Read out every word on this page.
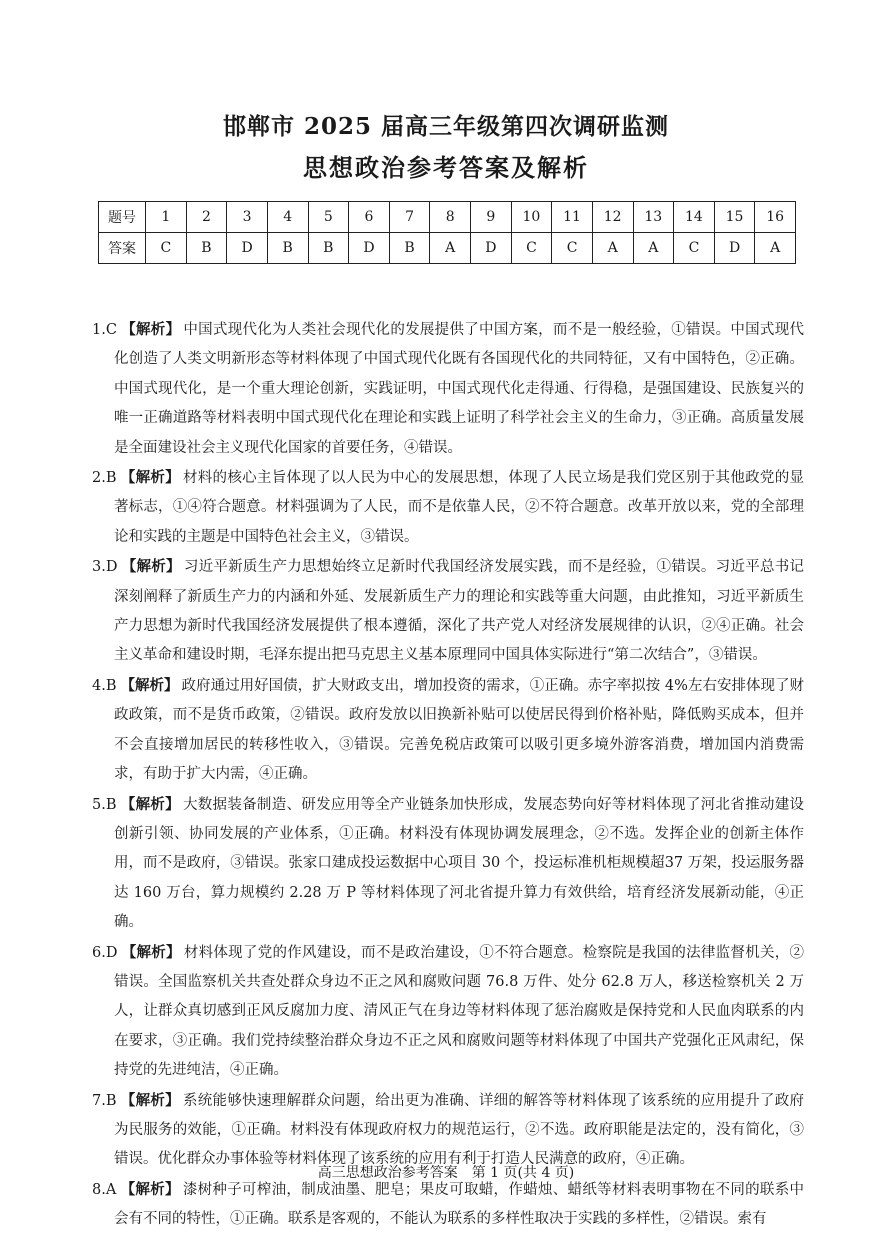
邯郸市 2025 届高三年级第四次调研监测
思想政治参考答案及解析
题号	1	2	3	4	5	6	7	8	9	10	11	12	13	14	15	16
答案	C	B	D	B	B	D	B	A	D	C	C	A	A	C	D	A

1.C 【解析】 中国式现代化为人类社会现代化的发展提供了中国方案，而不是一般经验，①错误。中国式现代化创造了人类文明新形态等材料体现了中国式现代化既有各国现代化的共同特征，又有中国特色，②正确。中国式现代化，是一个重大理论创新，实践证明，中国式现代化走得通、行得稳，是强国建设、民族复兴的唯一正确道路等材料表明中国式现代化在理论和实践上证明了科学社会主义的生命力，③正确。高质量发展是全面建设社会主义现代化国家的首要任务，④错误。

2.B 【解析】 材料的核心主旨体现了以人民为中心的发展思想，体现了人民立场是我们党区别于其他政党的显著标志，①④符合题意。材料强调为了人民，而不是依靠人民，②不符合题意。改革开放以来，党的全部理论和实践的主题是中国特色社会主义，③错误。

3.D 【解析】 习近平新质生产力思想始终立足新时代我国经济发展实践，而不是经验，①错误。习近平总书记深刻阐释了新质生产力的内涵和外延、发展新质生产力的理论和实践等重大问题，由此推知，习近平新质生产力思想为新时代我国经济发展提供了根本遵循，深化了共产党人对经济发展规律的认识，②④正确。社会主义革命和建设时期，毛泽东提出把马克思主义基本原理同中国具体实际进行“第二次结合”，③错误。

4.B 【解析】 政府通过用好国债，扩大财政支出，增加投资的需求，①正确。赤字率拟按 4%左右安排体现了财政政策，而不是货币政策，②错误。政府发放以旧换新补贴可以使居民得到价格补贴，降低购买成本，但并不会直接增加居民的转移性收入，③错误。完善免税店政策可以吸引更多境外游客消费，增加国内消费需求，有助于扩大内需，④正确。

5.B 【解析】 大数据装备制造、研发应用等全产业链条加快形成，发展态势向好等材料体现了河北省推动建设创新引领、协同发展的产业体系，①正确。材料没有体现协调发展理念，②不选。发挥企业的创新主体作用，而不是政府，③错误。张家口建成投运数据中心项目 30 个，投运标准机柜规模超37 万架，投运服务器达 160 万台，算力规模约 2.28 万 P 等材料体现了河北省提升算力有效供给，培育经济发展新动能，④正确。

6.D 【解析】 材料体现了党的作风建设，而不是政治建设，①不符合题意。检察院是我国的法律监督机关，②错误。全国监察机关共查处群众身边不正之风和腐败问题 76.8 万件、处分 62.8 万人，移送检察机关 2 万人，让群众真切感到正风反腐加力度、清风正气在身边等材料体现了惩治腐败是保持党和人民血肉联系的内在要求，③正确。我们党持续整治群众身边不正之风和腐败问题等材料体现了中国共产党强化正风肃纪，保持党的先进纯洁，④正确。

7.B 【解析】 系统能够快速理解群众问题，给出更为准确、详细的解答等材料体现了该系统的应用提升了政府为民服务的效能，①正确。材料没有体现政府权力的规范运行，②不选。政府职能是法定的，没有简化，③错误。优化群众办事体验等材料体现了该系统的应用有利于打造人民满意的政府，④正确。

8.A 【解析】 漆树种子可榨油，制成油墨、肥皂；果皮可取蜡，作蜡烛、蜡纸等材料表明事物在不同的联系中会有不同的特性，①正确。联系是客观的，不能认为联系的多样性取决于实践的多样性，②错误。索有

高三思想政治参考答案　第 1 页(共 4 页)
